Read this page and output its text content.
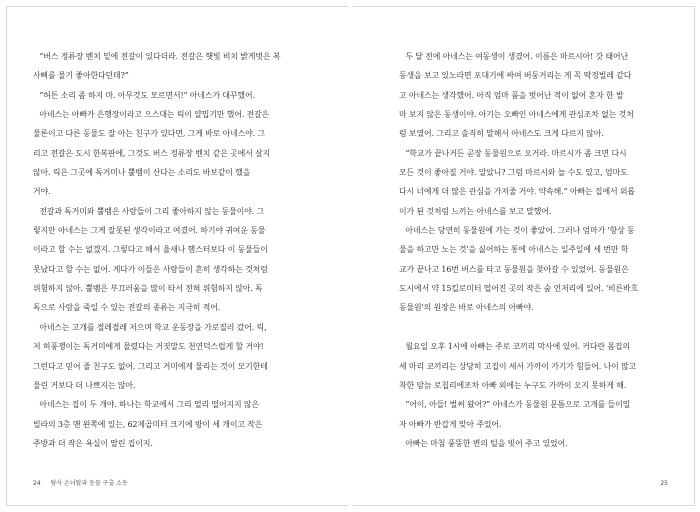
“버스 정류장 벤치 밑에 전갈이 있다더라. 전갈은 햇빛 비치 밝게벗은 복
사뼈를 물기 좋아한다던데?”
“허튼 소리 좀 하지 마. 아무것도 모르면서!” 아네스가 대꾸했어.
아네스는 아빠가 은행장이라고 으스대는 릭이 얄밉기만 했어. 전갈은
물론이고 다른 동물도 잘 아는 친구가 있다면, 그게 바로 아네스야. 그
리고 전갈은 도시 한복판에, 그것도 버스 정류장 벤치 같은 곳에서 살지
않아. 릭은 그곳에 독거미나 뿔뱀이 산다는 소리도 바보같이 했을
거야.
전갈과 독거미와 뿔뱀은 사람들이 그리 좋아하지 않는 동물이야. 그
렇지만 아네스는 그게 잘못된 생각이라고 여겼어. 하기야 귀여운 동물
이라고 할 수는 없겠지. 그렇다고 해서 율새나 햄스터보다 이 동물들이
못났다고 할 수는 없어. 게다가 이들은 사람들이 흔히 생각하는 것처럼
위험하지 않아. 뿔뱀은 부끄러움을 많이 타서 전혀 위험하지 않아. 독
독으로 사람을 죽일 수 있는 전갈의 종류는 지극히 적어.
아네스는 고개를 절레절레 저으며 학교 운동장을 가로질러 갔어. 릭,
저 허풍쟁이는 독거미에게 물렸다는 거짓말도 천연덕스럽게 할 거야!
그런다고 믿어 줄 친구도 없어. 그리고 거미에게 물리는 것이 모기한테
물린 거보다 더 나쁘지는 않아.
아네스는 집이 두 개야. 하나는 학교에서 그리 멀리 떨어지지 않은
빌라의 3층 맨 왼쪽에 있는, 62제곱미터 크기에 방이 세 개이고 작은
주방과 더 작은 욕실이 딸린 집이지.
24 탐사 손녀딸과 동물 구출 소동
두 달 전에 아네스는 여동생이 생겼어. 이름은 마르시아! 갓 태어난
동생을 보고 있노라면 포대기에 싸여 버둥거리는 게 꼭 딱정벌레 같다
고 아네스는 생각했어. 아직 엄마 품을 벗어난 적이 없어 혼자 한 발
마 보지 않은 동생이야. 아기는 오빠인 아네스에게 관심조차 없는 것처
럼 보였어. 그리고 솔직히 말해서 아네스도 크게 다르지 않아.
“학교가 끝나거든 곧장 동물원으로 오거라. 마르시가 좀 크면 다시
모든 것이 좋아질 거야. 알았니? 그럼 마르시와 놀 수도 있고, 엄마도
다시 너에게 더 많은 관심을 가져줄 거야. 약속해.” 아빠는 집에서 외롭
이가 된 것처럼 느끼는 아네스를 보고 말했어.
아네스는 당연히 동물원에 가는 것이 좋았어. 그러나 엄마가 '항상 동
물을 하고만 노는 것'을 싫어하는 통에 아네스는 일주일에 세 번만 학
교가 끝나고 16번 버스를 타고 동물원을 찾아갈 수 있었어. 동물원은
도시에서 약 15킬로미터 떨어진 곳의 작은 숲 언저리에 있어. '비른바흐
동물원'의 원장은 바로 아네스의 아빠야.
월요일 오후 1시에 아빠는 주로 코끼리 막사에 있어. 커다란 몸집의
세 마리 코끼리는 상당히 고집이 세서 가까이 가기가 힘들어. 나이 많고
착한 암늙 로칩리에조차 아빠 외에는 누구도 가까이 오지 못하게 해.
“어이, 아들! 벌써 왔어?” 아네스가 동물원 문틈으로 고개를 들이밀
자 아빠가 반갑게 맞아 주었어.
아빠는 마침 풍뚱한 변의 털을 빗어 주고 있었어.
25
